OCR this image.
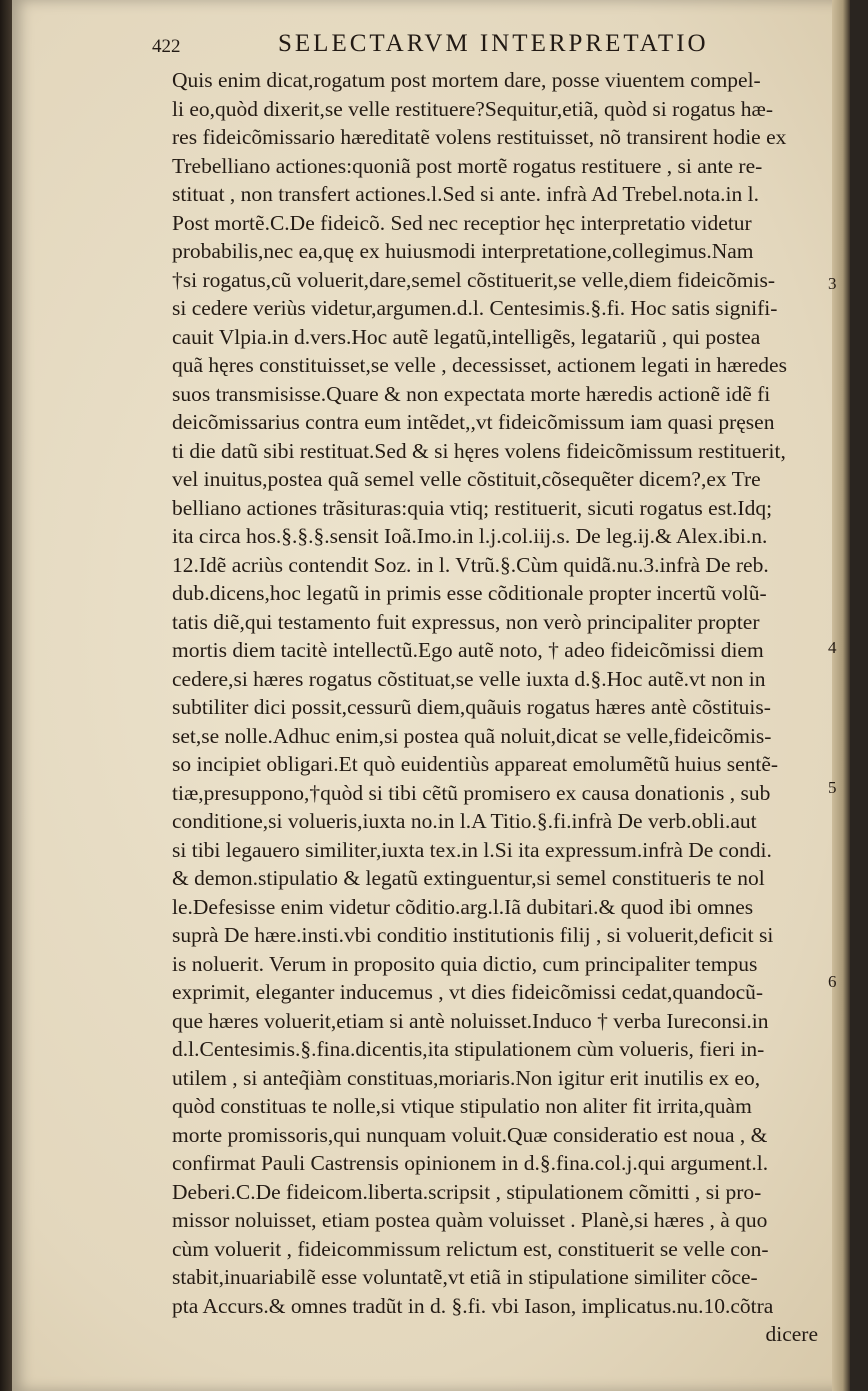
422	SELECTARVM INTERPRETATIO
Quis enim dicat,rogatum post mortem dare, posse viuentem compel-
li eo,quòd dixerit,se velle restituere?Sequitur,etiã, quòd si rogatus hæ-
res fideicõmissario hæreditatẽ volens restituisset, nõ transirent hodie ex
Trebelliano actiones:quoniã post mortẽ rogatus restituere , si ante re-
stituat , non transfert actiones.l.Sed si ante. infrà Ad Trebel.nota.in l.
Post mortẽ.C.De fideicõ. Sed nec receptior hęc interpretatio videtur
probabilis,nec ea,quę ex huiusmodi interpretatione,collegimus.Nam
†si rogatus,cũ voluerit,dare,semel cõstituerit,se velle,diem fideicõmis-
si cedere veriùs videtur,argumen.d.l. Centesimis.§.fi. Hoc satis signifi-
cauit Vlpia.in d.vers.Hoc autẽ legatũ,intelligẽs, legatariũ , qui postea
quã hęres constituisset,se velle , decessisset, actionem legati in hæredes
suos transmisisse.Quare & non expectata morte hæredis actionẽ idẽ fi
deicõmissarius contra eum intẽdet,,vt fideicõmissum iam quasi pręsen
ti die datũ sibi restituat.Sed & si hęres volens fideicõmissum restituerit,
vel inuitus,postea quã semel velle cõstituit,cõsequẽter dicem?,ex Tre
belliano actiones trãsituras:quia vtiq; restituerit, sicuti rogatus est.Idq;
ita circa hos.§.§.§.sensit Ioã.Imo.in l.j.col.iij.s. De leg.ij.& Alex.ibi.n.
12.Idẽ acriùs contendit Soz. in l. Vtrũ.§.Cùm quidã.nu.3.infrà De reb.
dub.dicens,hoc legatũ in primis esse cõditionale propter incertũ volũ-
tatis diẽ,qui testamento fuit expressus, non verò principaliter propter
mortis diem tacitè intellectũ.Ego autẽ noto, † adeo fideicõmissi diem
cedere,si hæres rogatus cõstituat,se velle iuxta d.§.Hoc autẽ.vt non in
subtiliter dici possit,cessurũ diem,quãuis rogatus hæres antè cõstituis-
set,se nolle.Adhuc enim,si postea quã noluit,dicat se velle,fideicõmis-
so incipiet obligari.Et quò euidentiùs appareat emolumẽtũ huius sentẽ-
tiæ,presuppono,†quòd si tibi cẽtũ promisero ex causa donationis , sub
conditione,si volueris,iuxta no.in l.A Titio.§.fi.infrà De verb.obli.aut
si tibi legauero similiter,iuxta tex.in l.Si ita expressum.infrà De condi.
& demon.stipulatio & legatũ extinguentur,si semel constitueris te nol
le.Defesisse enim videtur cõditio.arg.l.Iã dubitari.& quod ibi omnes
suprà De hære.insti.vbi conditio institutionis filij , si voluerit,deficit si
is noluerit. Verum in proposito quia dictio, cum principaliter tempus
exprimit, eleganter inducemus , vt dies fideicõmissi cedat,quandocũ-
que hæres voluerit,etiam si antè noluisset.Induco † verba Iureconsi.in
d.l.Centesimis.§.fina.dicentis,ita stipulationem cùm volueris, fieri in-
utilem , si anteq̃iàm constituas,moriaris.Non igitur erit inutilis ex eo,
quòd constituas te nolle,si vtique stipulatio non aliter fit irrita,quàm
morte promissoris,qui nunquam voluit.Quæ consideratio est noua , &
confirmat Pauli Castrensis opinionem in d.§.fina.col.j.qui argument.l.
Deberi.C.De fideicom.liberta.scripsit , stipulationem cõmitti , si pro-
missor noluisset, etiam postea quàm voluisset . Planè,si hæres , à quo
cùm voluerit , fideicommissum relictum est, constituerit se velle con-
stabit,inuariabilẽ esse voluntatẽ,vt etiã in stipulatione similiter cõce-
pta Accurs.& omnes tradũt in d. §.fi. vbi Iason, implicatus.nu.10.cõtra
dicere
3
4
5
6
